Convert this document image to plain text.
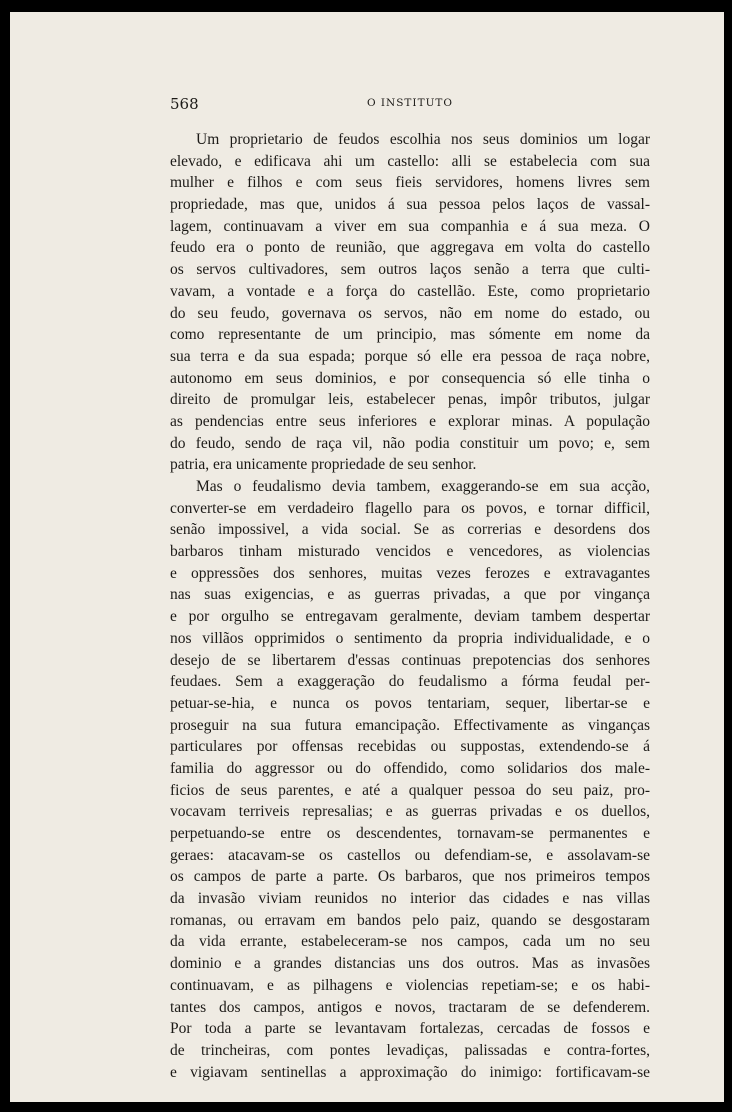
568	O INSTITUTO
Um proprietario de feudos escolhia nos seus dominios um logar
elevado, e edificava ahi um castello: alli se estabelecia com sua
mulher e filhos e com seus fieis servidores, homens livres sem
propriedade, mas que, unidos á sua pessoa pelos laços de vassal-
lagem, continuavam a viver em sua companhia e á sua meza. O
feudo era o ponto de reunião, que aggregava em volta do castello
os servos cultivadores, sem outros laços senão a terra que culti-
vavam, a vontade e a força do castellão. Este, como proprietario
do seu feudo, governava os servos, não em nome do estado, ou
como representante de um principio, mas sómente em nome da
sua terra e da sua espada; porque só elle era pessoa de raça nobre,
autonomo em seus dominios, e por consequencia só elle tinha o
direito de promulgar leis, estabelecer penas, impôr tributos, julgar
as pendencias entre seus inferiores e explorar minas. A população
do feudo, sendo de raça vil, não podia constituir um povo; e, sem
patria, era unicamente propriedade de seu senhor.
Mas o feudalismo devia tambem, exaggerando-se em sua acção,
converter-se em verdadeiro flagello para os povos, e tornar difficil,
senão impossivel, a vida social. Se as correrias e desordens dos
barbaros tinham misturado vencidos e vencedores, as violencias
e oppressões dos senhores, muitas vezes ferozes e extravagantes
nas suas exigencias, e as guerras privadas, a que por vingança
e por orgulho se entregavam geralmente, deviam tambem despertar
nos villãos opprimidos o sentimento da propria individualidade, e o
desejo de se libertarem d'essas continuas prepotencias dos senhores
feudaes. Sem a exaggeração do feudalismo a fórma feudal per-
petuar-se-hia, e nunca os povos tentariam, sequer, libertar-se e
proseguir na sua futura emancipação. Effectivamente as vinganças
particulares por offensas recebidas ou suppostas, extendendo-se á
familia do aggressor ou do offendido, como solidarios dos male-
ficios de seus parentes, e até a qualquer pessoa do seu paiz, pro-
vocavam terriveis represalias; e as guerras privadas e os duellos,
perpetuando-se entre os descendentes, tornavam-se permanentes e
geraes: atacavam-se os castellos ou defendiam-se, e assolavam-se
os campos de parte a parte. Os barbaros, que nos primeiros tempos
da invasão viviam reunidos no interior das cidades e nas villas
romanas, ou erravam em bandos pelo paiz, quando se desgostaram
da vida errante, estabeleceram-se nos campos, cada um no seu
dominio e a grandes distancias uns dos outros. Mas as invasões
continuavam, e as pilhagens e violencias repetiam-se; e os habi-
tantes dos campos, antigos e novos, tractaram de se defenderem.
Por toda a parte se levantavam fortalezas, cercadas de fossos e
de trincheiras, com pontes levadiças, palissadas e contra-fortes,
e vigiavam sentinellas a approximação do inimigo: fortificavam-se
